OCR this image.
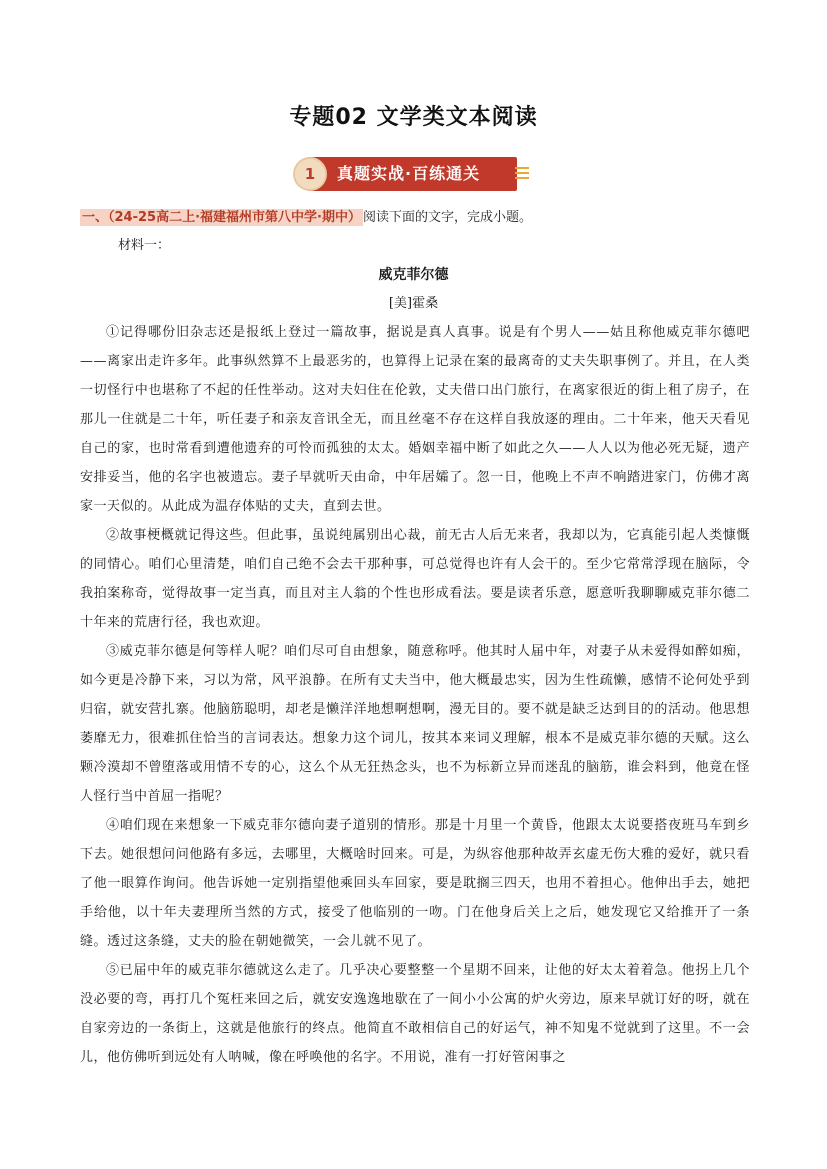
专题02 文学类文本阅读
1	真题实战·百练通关
一、（24-25高二上·福建福州市第八中学·期中） 阅读下面的文字，完成小题。
材料一：
威克菲尔德
[美]霍桑

①记得哪份旧杂志还是报纸上登过一篇故事，据说是真人真事。说是有个男人——姑且称他威克菲尔德吧——离家出走许多年。此事纵然算不上最恶劣的，也算得上记录在案的最离奇的丈夫失职事例了。并且，在人类一切怪行中也堪称了不起的任性举动。这对夫妇住在伦敦，丈夫借口出门旅行，在离家很近的街上租了房子，在那儿一住就是二十年，听任妻子和亲友音讯全无，而且丝毫不存在这样自我放逐的理由。二十年来，他天天看见自己的家，也时常看到遭他遗弃的可怜而孤独的太太。婚姻幸福中断了如此之久——人人以为他必死无疑，遗产安排妥当，他的名字也被遗忘。妻子早就听天由命，中年居孀了。忽一日，他晚上不声不响踏进家门，仿佛才离家一天似的。从此成为温存体贴的丈夫，直到去世。

②故事梗概就记得这些。但此事，虽说纯属别出心裁，前无古人后无来者，我却以为，它真能引起人类慷慨的同情心。咱们心里清楚，咱们自己绝不会去干那种事，可总觉得也许有人会干的。至少它常常浮现在脑际，令我拍案称奇，觉得故事一定当真，而且对主人翁的个性也形成看法。要是读者乐意，愿意听我聊聊威克菲尔德二十年来的荒唐行径，我也欢迎。

③威克菲尔德是何等样人呢？咱们尽可自由想象，随意称呼。他其时人届中年，对妻子从未爱得如醉如痴，如今更是冷静下来，习以为常，风平浪静。在所有丈夫当中，他大概最忠实，因为生性疏懒，感情不论何处乎到归宿，就安营扎寨。他脑筋聪明，却老是懒洋洋地想啊想啊，漫无目的。要不就是缺乏达到目的的活动。他思想萎靡无力，很难抓住恰当的言词表达。想象力这个词儿，按其本来词义理解，根本不是威克菲尔德的天赋。这么颗冷漠却不曾堕落或用情不专的心，这么个从无狂热念头，也不为标新立异而迷乱的脑筋，谁会料到，他竟在怪人怪行当中首屈一指呢？

④咱们现在来想象一下威克菲尔德向妻子道别的情形。那是十月里一个黄昏，他跟太太说要搭夜班马车到乡下去。她很想问问他路有多远，去哪里，大概啥时回来。可是，为纵容他那种故弄玄虚无伤大雅的爱好，就只看了他一眼算作询问。他告诉她一定别指望他乘回头车回家，要是耽搁三四天，也用不着担心。他伸出手去，她把手给他，以十年夫妻理所当然的方式，接受了他临别的一吻。门在他身后关上之后，她发现它又给推开了一条缝。透过这条缝，丈夫的脸在朝她微笑，一会儿就不见了。

⑤已届中年的威克菲尔德就这么走了。几乎决心要整整一个星期不回来，让他的好太太着着急。他拐上几个没必要的弯，再打几个冤枉来回之后，就安安逸逸地歇在了一间小小公寓的炉火旁边，原来早就订好的呀，就在自家旁边的一条街上，这就是他旅行的终点。他简直不敢相信自己的好运气，神不知鬼不觉就到了这里。不一会儿，他仿佛听到远处有人呐喊，像在呼唤他的名字。不用说，准有一打好管闲事之
